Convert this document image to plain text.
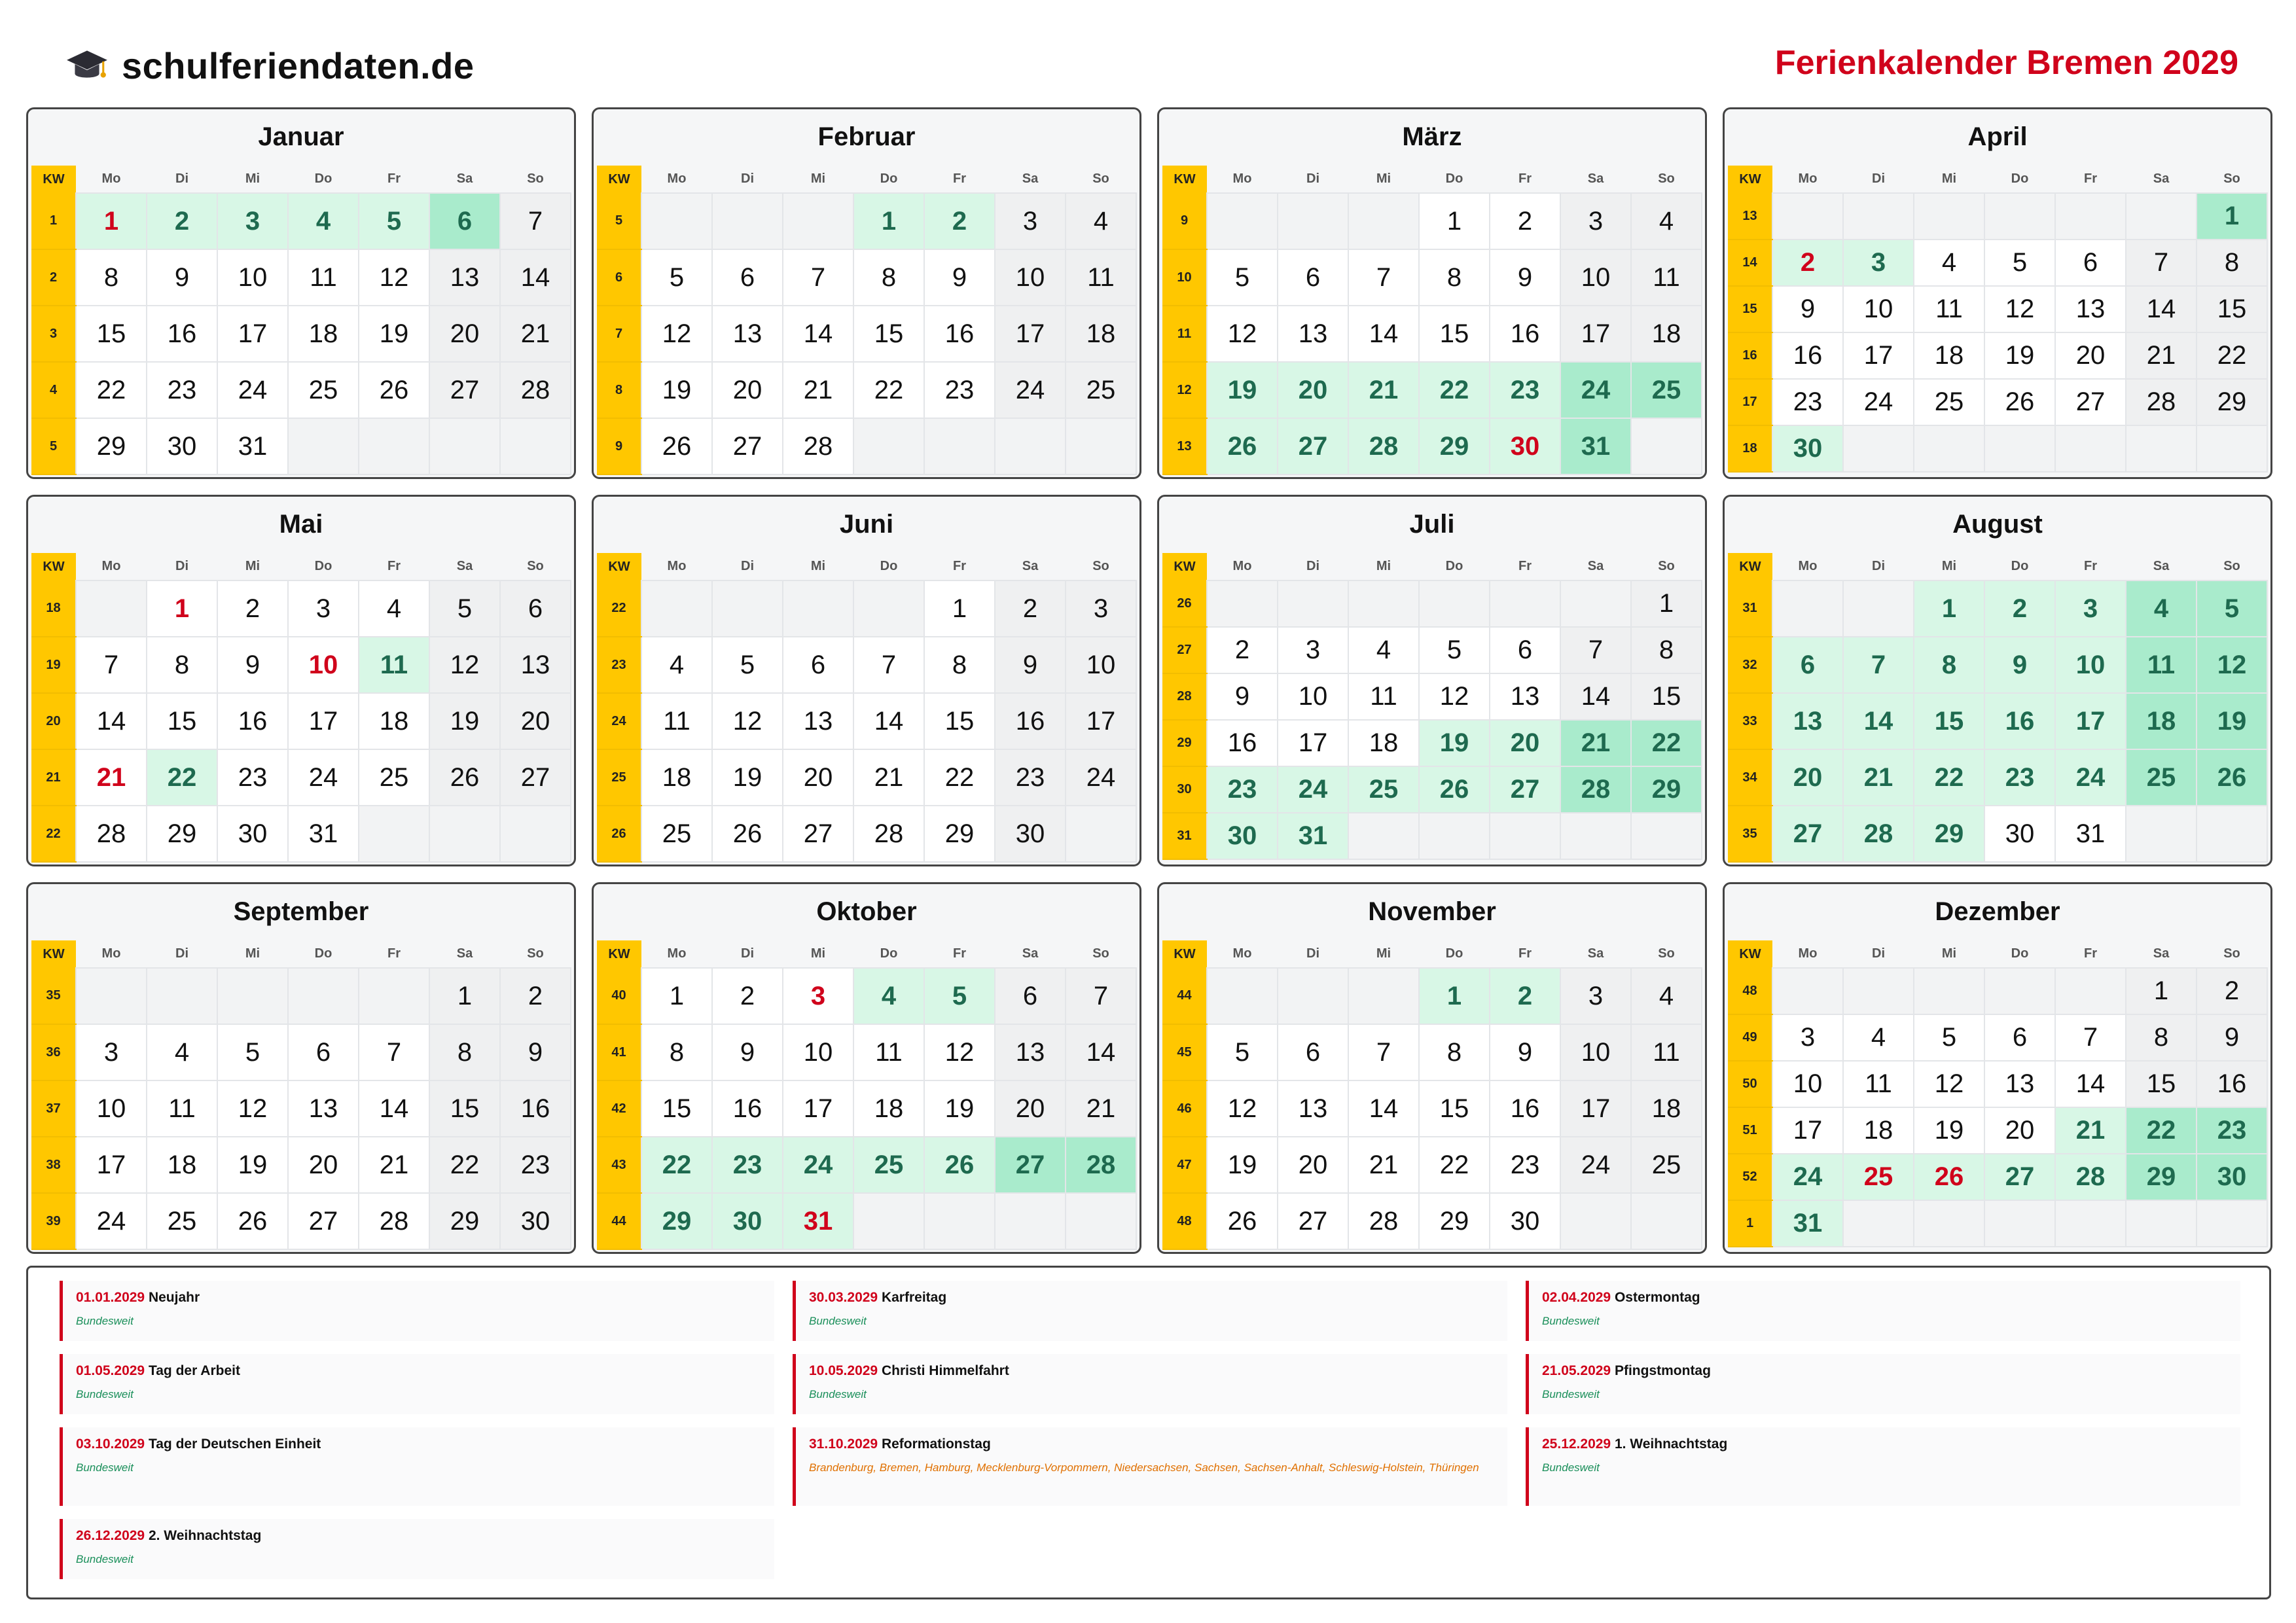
schulferiendaten.de	Ferienkalender Bremen 2029
Januar
KW	Mo	Di	Mi	Do	Fr	Sa	So
1	1	2	3	4	5	6	7
2	8	9	10	11	12	13	14
3	15	16	17	18	19	20	21
4	22	23	24	25	26	27	28
5	29	30	31				
Februar
KW	Mo	Di	Mi	Do	Fr	Sa	So
5				1	2	3	4
6	5	6	7	8	9	10	11
7	12	13	14	15	16	17	18
8	19	20	21	22	23	24	25
9	26	27	28				
März
KW	Mo	Di	Mi	Do	Fr	Sa	So
9				1	2	3	4
10	5	6	7	8	9	10	11
11	12	13	14	15	16	17	18
12	19	20	21	22	23	24	25
13	26	27	28	29	30	31	
April
KW	Mo	Di	Mi	Do	Fr	Sa	So
13							1
14	2	3	4	5	6	7	8
15	9	10	11	12	13	14	15
16	16	17	18	19	20	21	22
17	23	24	25	26	27	28	29
18	30						
Mai
KW	Mo	Di	Mi	Do	Fr	Sa	So
18		1	2	3	4	5	6
19	7	8	9	10	11	12	13
20	14	15	16	17	18	19	20
21	21	22	23	24	25	26	27
22	28	29	30	31			
Juni
KW	Mo	Di	Mi	Do	Fr	Sa	So
22					1	2	3
23	4	5	6	7	8	9	10
24	11	12	13	14	15	16	17
25	18	19	20	21	22	23	24
26	25	26	27	28	29	30	
Juli
KW	Mo	Di	Mi	Do	Fr	Sa	So
26							1
27	2	3	4	5	6	7	8
28	9	10	11	12	13	14	15
29	16	17	18	19	20	21	22
30	23	24	25	26	27	28	29
31	30	31					
August
KW	Mo	Di	Mi	Do	Fr	Sa	So
31			1	2	3	4	5
32	6	7	8	9	10	11	12
33	13	14	15	16	17	18	19
34	20	21	22	23	24	25	26
35	27	28	29	30	31		
September
KW	Mo	Di	Mi	Do	Fr	Sa	So
35						1	2
36	3	4	5	6	7	8	9
37	10	11	12	13	14	15	16
38	17	18	19	20	21	22	23
39	24	25	26	27	28	29	30
Oktober
KW	Mo	Di	Mi	Do	Fr	Sa	So
40	1	2	3	4	5	6	7
41	8	9	10	11	12	13	14
42	15	16	17	18	19	20	21
43	22	23	24	25	26	27	28
44	29	30	31				
November
KW	Mo	Di	Mi	Do	Fr	Sa	So
44				1	2	3	4
45	5	6	7	8	9	10	11
46	12	13	14	15	16	17	18
47	19	20	21	22	23	24	25
48	26	27	28	29	30		
Dezember
KW	Mo	Di	Mi	Do	Fr	Sa	So
48						1	2
49	3	4	5	6	7	8	9
50	10	11	12	13	14	15	16
51	17	18	19	20	21	22	23
52	24	25	26	27	28	29	30
1	31						
01.01.2029 Neujahr
Bundesweit
30.03.2029 Karfreitag
Bundesweit
02.04.2029 Ostermontag
Bundesweit
01.05.2029 Tag der Arbeit
Bundesweit
10.05.2029 Christi Himmelfahrt
Bundesweit
21.05.2029 Pfingstmontag
Bundesweit
03.10.2029 Tag der Deutschen Einheit
Bundesweit
31.10.2029 Reformationstag
Brandenburg, Bremen, Hamburg, Mecklenburg-Vorpommern, Niedersachsen, Sachsen, Sachsen-Anhalt, Schleswig-Holstein, Thüringen
25.12.2029 1. Weihnachtstag
Bundesweit
26.12.2029 2. Weihnachtstag
Bundesweit
